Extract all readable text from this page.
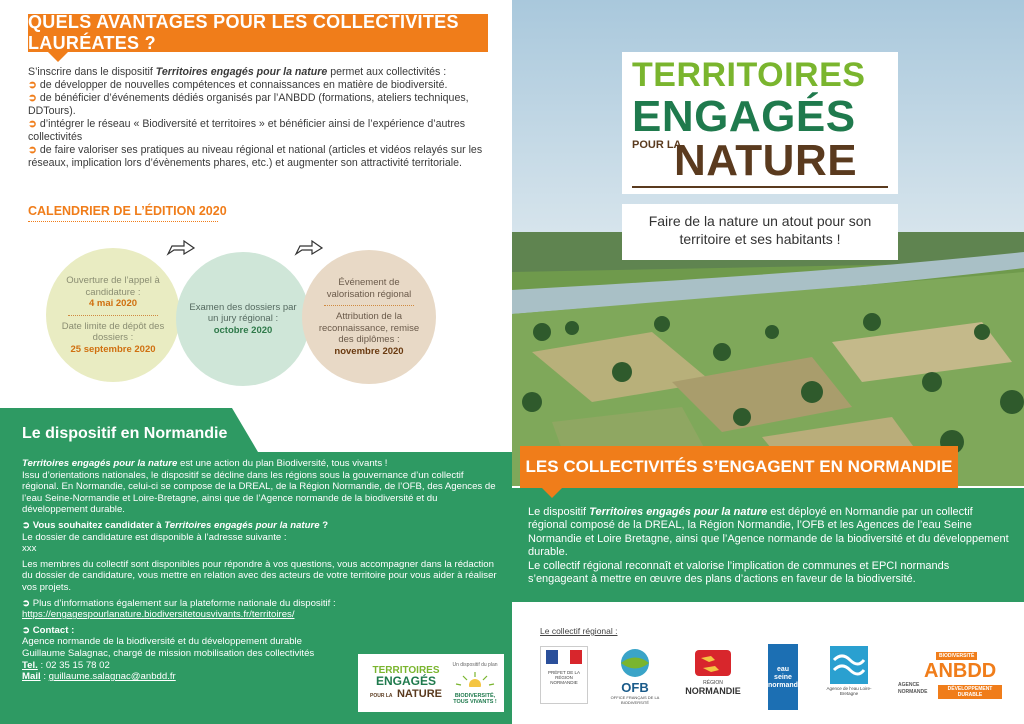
QUELS AVANTAGES POUR LES COLLECTIVITÉS LAURÉATES ?
S’inscrire dans le dispositif Territoires engagés pour la nature permet aux collectivités :
➲ de développer de nouvelles compétences et connaissances en matière de biodiversité.
➲ de bénéficier d’événements dédiés organisés par l’ANBDD (formations, ateliers techniques, DDTours).
➲ d’intégrer le réseau « Biodiversité et territoires » et bénéficier ainsi de l’expérience d’autres collectivités
➲ de faire valoriser ses pratiques au niveau régional et national (articles et vidéos relayés sur les réseaux, implication lors d’évènements phares, etc.) et augmenter son attractivité territoriale.
CALENDRIER DE L’ÉDITION 2020
Ouverture de l’appel à candidature :
4 mai 2020
Date limite de dépôt des dossiers :
25 septembre 2020
Examen des dossiers par un jury régional :
octobre 2020
Événement de valorisation régional
Attribution de la reconnaissance, remise des diplômes :
novembre 2020
Le dispositif en Normandie

Territoires engagés pour la nature est une action du plan Biodiversité, tous vivants !
Issu d’orientations nationales, le dispositif se décline dans les régions sous la gouvernance d’un collectif régional. En Normandie, celui-ci se compose de la DREAL, de la Région Normandie, de l’OFB, des Agences de l’eau Seine-Normandie et Loire-Bretagne, ainsi que de l’Agence normande de la biodiversité et du développement durable.

➲ Vous souhaitez candidater à Territoires engagés pour la nature ?
Le dossier de candidature est disponible à l’adresse suivante :
xxx

Les membres du collectif sont disponibles pour répondre à vos questions, vous accompagner dans la rédaction du dossier de candidature, vous mettre en relation avec des acteurs de votre territoire pour vous aider à réaliser vos projets.

➲ Plus d’informations également sur la plateforme nationale du dispositif :
https://engagespourlanature.biodiversitetousvivants.fr/territoires/

➲ Contact :
Agence normande de la biodiversité et du développement durable
Guillaume Salagnac, chargé de mission mobilisation des collectivités
Tel. : 02 35 15 78 02
Mail : guillaume.salagnac@anbdd.fr
TERRITOIRES
ENGAGÉS
POUR LA NATURE
Un dispositif du plan
BIODIVERSITÉ, TOUS VIVANTS !
TERRITOIRES
ENGAGÉS
POUR LA
NATURE
Faire de la nature un atout pour son territoire et ses habitants !
LES COLLECTIVITÉS S’ENGAGENT EN NORMANDIE

Le dispositif Territoires engagés pour la nature est déployé en Normandie par un collectif régional composé de la DREAL, la Région Normandie, l’OFB et les Agences de l’eau Seine Normandie et Loire Bretagne, ainsi que l’Agence normande de la biodiversité et du développement durable.

Le collectif régional reconnaît et valorise l’implication de communes et EPCI normands s’engageant à mettre en œuvre des plans d’actions en faveur de la biodiversité.

Le collectif régional :
PRÉFET DE LA RÉGION NORMANDIE	OFB
OFFICE FRANÇAIS DE LA BIODIVERSITÉ
RÉGION
NORMANDIE
eau seine normandie	Agence de l’eau Loire-Bretagne
BIODIVERSITÉ
ANBDD
AGENCE
NORMANDE	DÉVELOPPEMENT DURABLE
